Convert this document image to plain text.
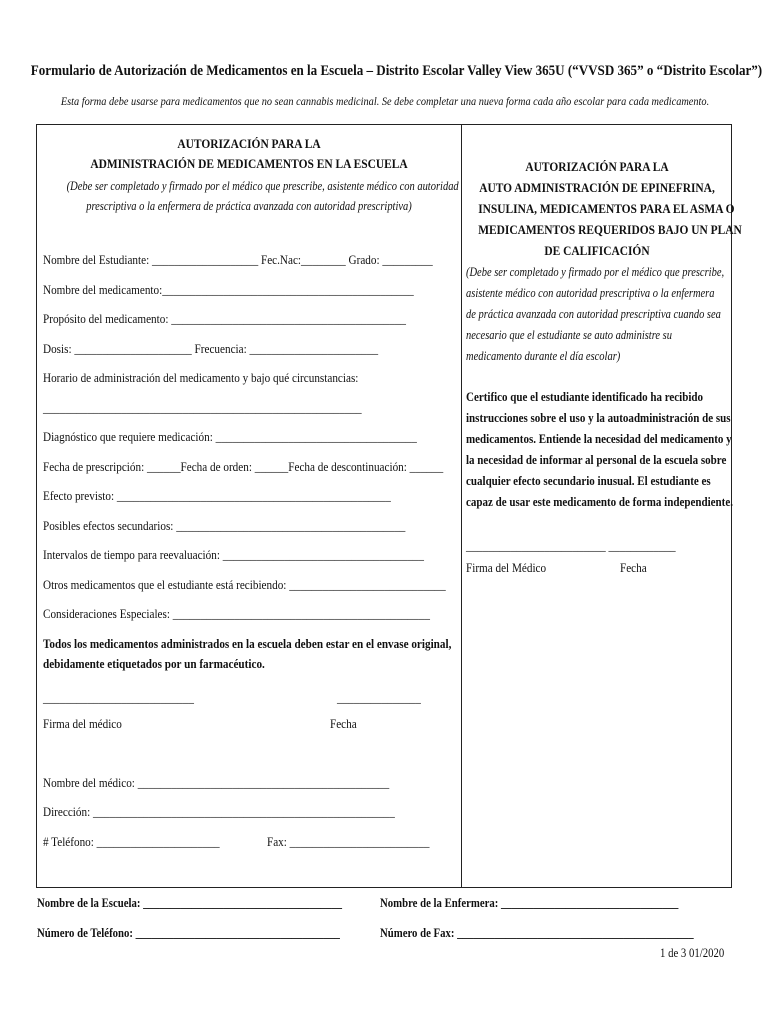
Formulario de Autorización de Medicamentos en la Escuela – Distrito Escolar Valley View 365U (“VVSD 365” o “Distrito Escolar”)
Esta forma debe usarse para medicamentos que no sean cannabis medicinal. Se debe completar una nueva forma cada año escolar para cada medicamento.
AUTORIZACIÓN PARA LA
ADMINISTRACIÓN DE MEDICAMENTOS EN LA ESCUELA
(Debe ser completado y firmado por el médico que prescribe, asistente médico con autoridad
prescriptiva o la enfermera de práctica avanzada con autoridad prescriptiva)
Nombre del Estudiante: ___________________ Fec.Nac:________ Grado: _________
Nombre del medicamento:_____________________________________________
Propósito del medicamento: __________________________________________
Dosis: _____________________ Frecuencia: _______________________
Horario de administración del medicamento y bajo qué circunstancias:
_________________________________________________________
Diagnóstico que requiere medicación: ____________________________________
Fecha de prescripción: ______Fecha de orden: ______Fecha de descontinuación: ______
Efecto previsto: _________________________________________________
Posibles efectos secundarios: _________________________________________
Intervalos de tiempo para reevaluación: ____________________________________
Otros medicamentos que el estudiante está recibiendo: ____________________________
Consideraciones Especiales: ______________________________________________
Todos los medicamentos administrados en la escuela deben estar en el envase original,
debidamente etiquetados por un farmacéutico.
___________________________	_______________
Firma del médico	Fecha
Nombre del médico: _____________________________________________
Dirección: ______________________________________________________
# Teléfono: ______________________	Fax: _________________________
AUTORIZACIÓN PARA LA
AUTO ADMINISTRACIÓN DE EPINEFRINA,
INSULINA, MEDICAMENTOS PARA EL ASMA O
MEDICAMENTOS REQUERIDOS BAJO UN PLAN
DE CALIFICACIÓN
(Debe ser completado y firmado por el médico que prescribe,
asistente médico con autoridad prescriptiva o la enfermera
de práctica avanzada con autoridad prescriptiva cuando sea
necesario que el estudiante se auto administre su
medicamento durante el día escolar)
Certifico que el estudiante identificado ha recibido
instrucciones sobre el uso y la autoadministración de sus
medicamentos. Entiende la necesidad del medicamento y
la necesidad de informar al personal de la escuela sobre
cualquier efecto secundario inusual. El estudiante es
capaz de usar este medicamento de forma independiente.
_________________________ ____________
Firma del Médico	Fecha
Nombre de la Escuela: _____________________________________	Nombre de la Enfermera: _________________________________
Número de Teléfono: ______________________________________	Número de Fax: ____________________________________________
1 de 3 01/2020
